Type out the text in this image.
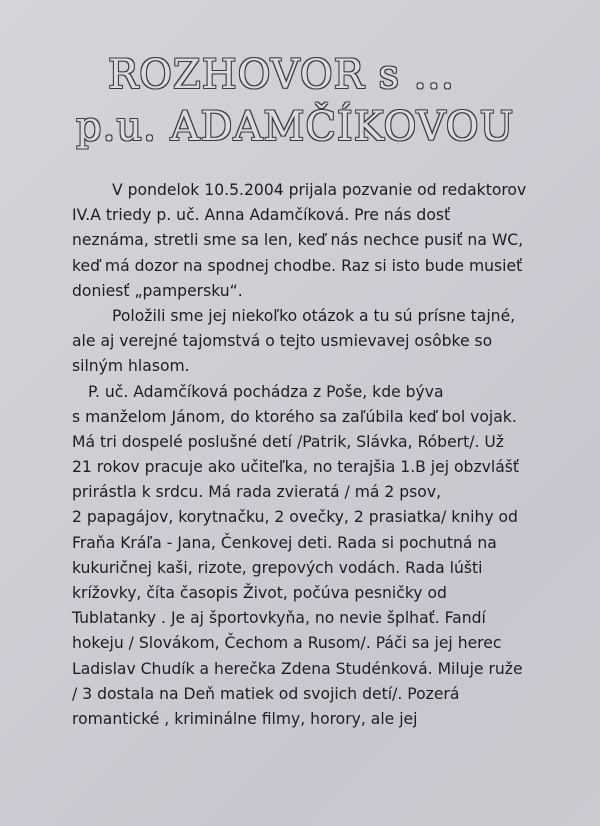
ROZHOVOR s ...
p.u. ADAMČÍKOVOU
V pondelok 10.5.2004 prijala pozvanie od redaktorov
IV.A triedy p. uč. Anna Adamčíková. Pre nás dosť
neznáma, stretli sme sa len, keď nás nechce pusiť na WC,
keď má dozor na spodnej chodbe. Raz si isto bude musieť
doniesť „pampersku“.
Položili sme jej niekoľko otázok a tu sú prísne tajné,
ale aj verejné tajomstvá o tejto usmievavej osôbke so
silným hlasom.
P. uč. Adamčíková pochádza z Poše, kde býva
s manželom Jánom, do ktorého sa zaľúbila keď bol vojak.
Má tri dospelé poslušné detí /Patrik, Slávka, Róbert/. Už
21 rokov pracuje ako učiteľka, no terajšia 1.B jej obzvlášť
prirástla k srdcu. Má rada zvieratá / má 2 psov,
2 papagájov, korytnačku, 2 ovečky, 2 prasiatka/ knihy od
Fraňa Kráľa - Jana, Čenkovej deti. Rada si pochutná na
kukuričnej kaši, rizote, grepových vodách. Rada lúšti
krížovky, číta časopis Život, počúva pesničky od
Tublatanky . Je aj športovkyňa, no nevie šplhať. Fandí
hokeju / Slovákom, Čechom a Rusom/. Páči sa jej herec
Ladislav Chudík a herečka Zdena Studénková. Miluje ruže
/ 3 dostala na Deň matiek od svojich detí/. Pozerá
romantické , kriminálne filmy, horory, ale jej
